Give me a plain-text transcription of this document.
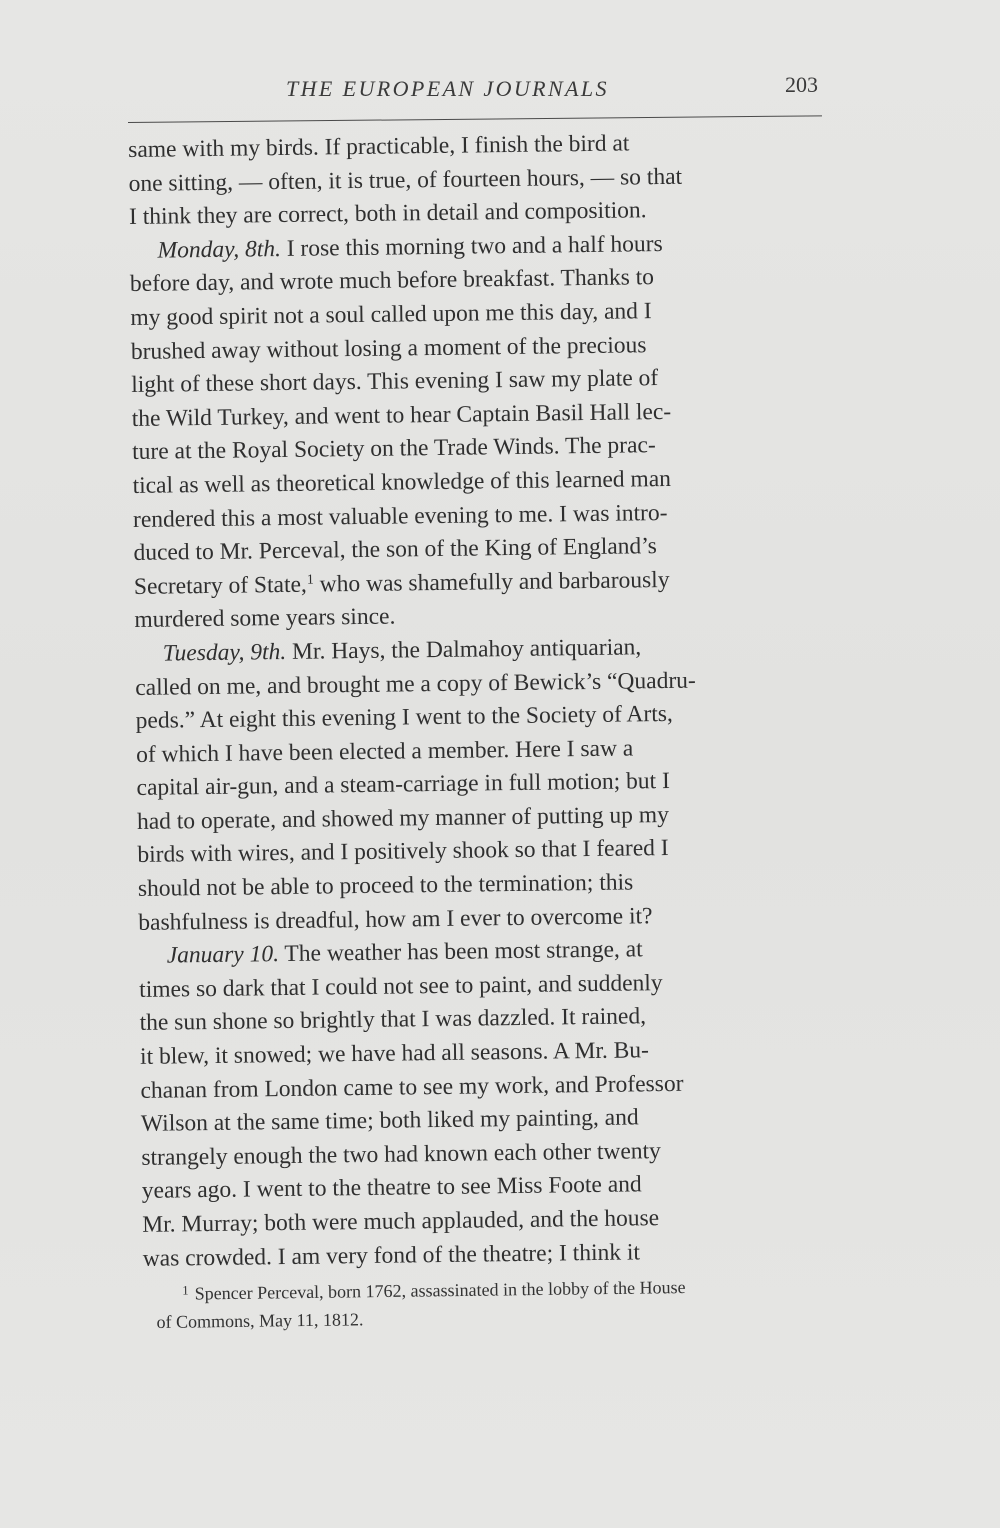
THE EUROPEAN JOURNALS	203
same with my birds. If practicable, I finish the bird at
one sitting, — often, it is true, of fourteen hours, — so that
I think they are correct, both in detail and composition.
Monday, 8th. I rose this morning two and a half hours
before day, and wrote much before breakfast. Thanks to
my good spirit not a soul called upon me this day, and I
brushed away without losing a moment of the precious
light of these short days. This evening I saw my plate of
the Wild Turkey, and went to hear Captain Basil Hall lec-
ture at the Royal Society on the Trade Winds. The prac-
tical as well as theoretical knowledge of this learned man
rendered this a most valuable evening to me. I was intro-
duced to Mr. Perceval, the son of the King of England’s
Secretary of State,$^1$ who was shamefully and barbarously
murdered some years since.
Tuesday, 9th. Mr. Hays, the Dalmahoy antiquarian,
called on me, and brought me a copy of Bewick’s “Quadru-
peds.” At eight this evening I went to the Society of Arts,
of which I have been elected a member. Here I saw a
capital air-gun, and a steam-carriage in full motion; but I
had to operate, and showed my manner of putting up my
birds with wires, and I positively shook so that I feared I
should not be able to proceed to the termination; this
bashfulness is dreadful, how am I ever to overcome it?
January 10. The weather has been most strange, at
times so dark that I could not see to paint, and suddenly
the sun shone so brightly that I was dazzled. It rained,
it blew, it snowed; we have had all seasons. A Mr. Bu-
chanan from London came to see my work, and Professor
Wilson at the same time; both liked my painting, and
strangely enough the two had known each other twenty
years ago. I went to the theatre to see Miss Foote and
Mr. Murray; both were much applauded, and the house
was crowded. I am very fond of the theatre; I think it
$^1$ Spencer Perceval, born 1762, assassinated in the lobby of the House
of Commons, May 11, 1812.
